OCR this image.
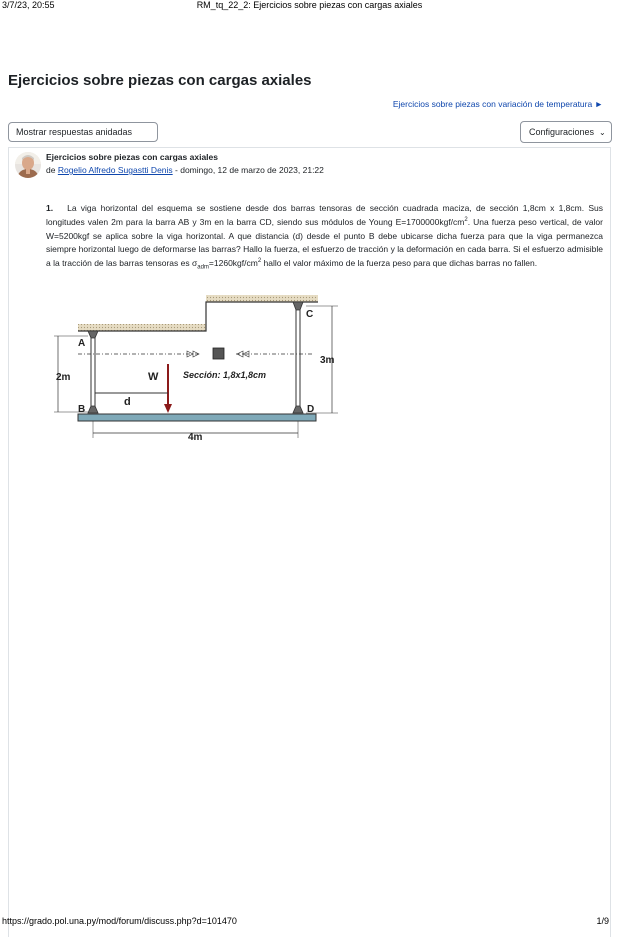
3/7/23, 20:55	RM_tq_22_2: Ejercicios sobre piezas con cargas axiales
Ejercicios sobre piezas con cargas axiales
Ejercicios sobre piezas con variación de temperatura ►
Mostrar respuestas anidadas	Configuraciones ⌄
Ejercicios sobre piezas con cargas axiales
de Rogelio Alfredo Sugastti Denis - domingo, 12 de marzo de 2023, 21:22
1. La viga horizontal del esquema se sostiene desde dos barras tensoras de sección cuadrada maciza, de sección 1,8cm x 1,8cm. Sus longitudes valen 2m para la barra AB y 3m en la barra CD, siendo sus módulos de Young $E=1700000kgf/cm^2$. Una fuerza peso vertical, de valor W=5200kgf se aplica sobre la viga horizontal. A que distancia (d) desde el punto B debe ubicarse dicha fuerza para que la viga permanezca siempre horizontal luego de deformarse las barras? Hallo la fuerza, el esfuerzo de tracción y la deformación en cada barra. Si el esfuerzo admisible a la tracción de las barras tensoras es $\sigma_{adm}=1260kgf/cm^2$ hallo el valor máximo de la fuerza peso para que dichas barras no fallen.
A
B
C
D
W
d
2m
3m
4m
Sección: 1,8x1,8cm
https://grado.pol.una.py/mod/forum/discuss.php?d=101470	1/9
